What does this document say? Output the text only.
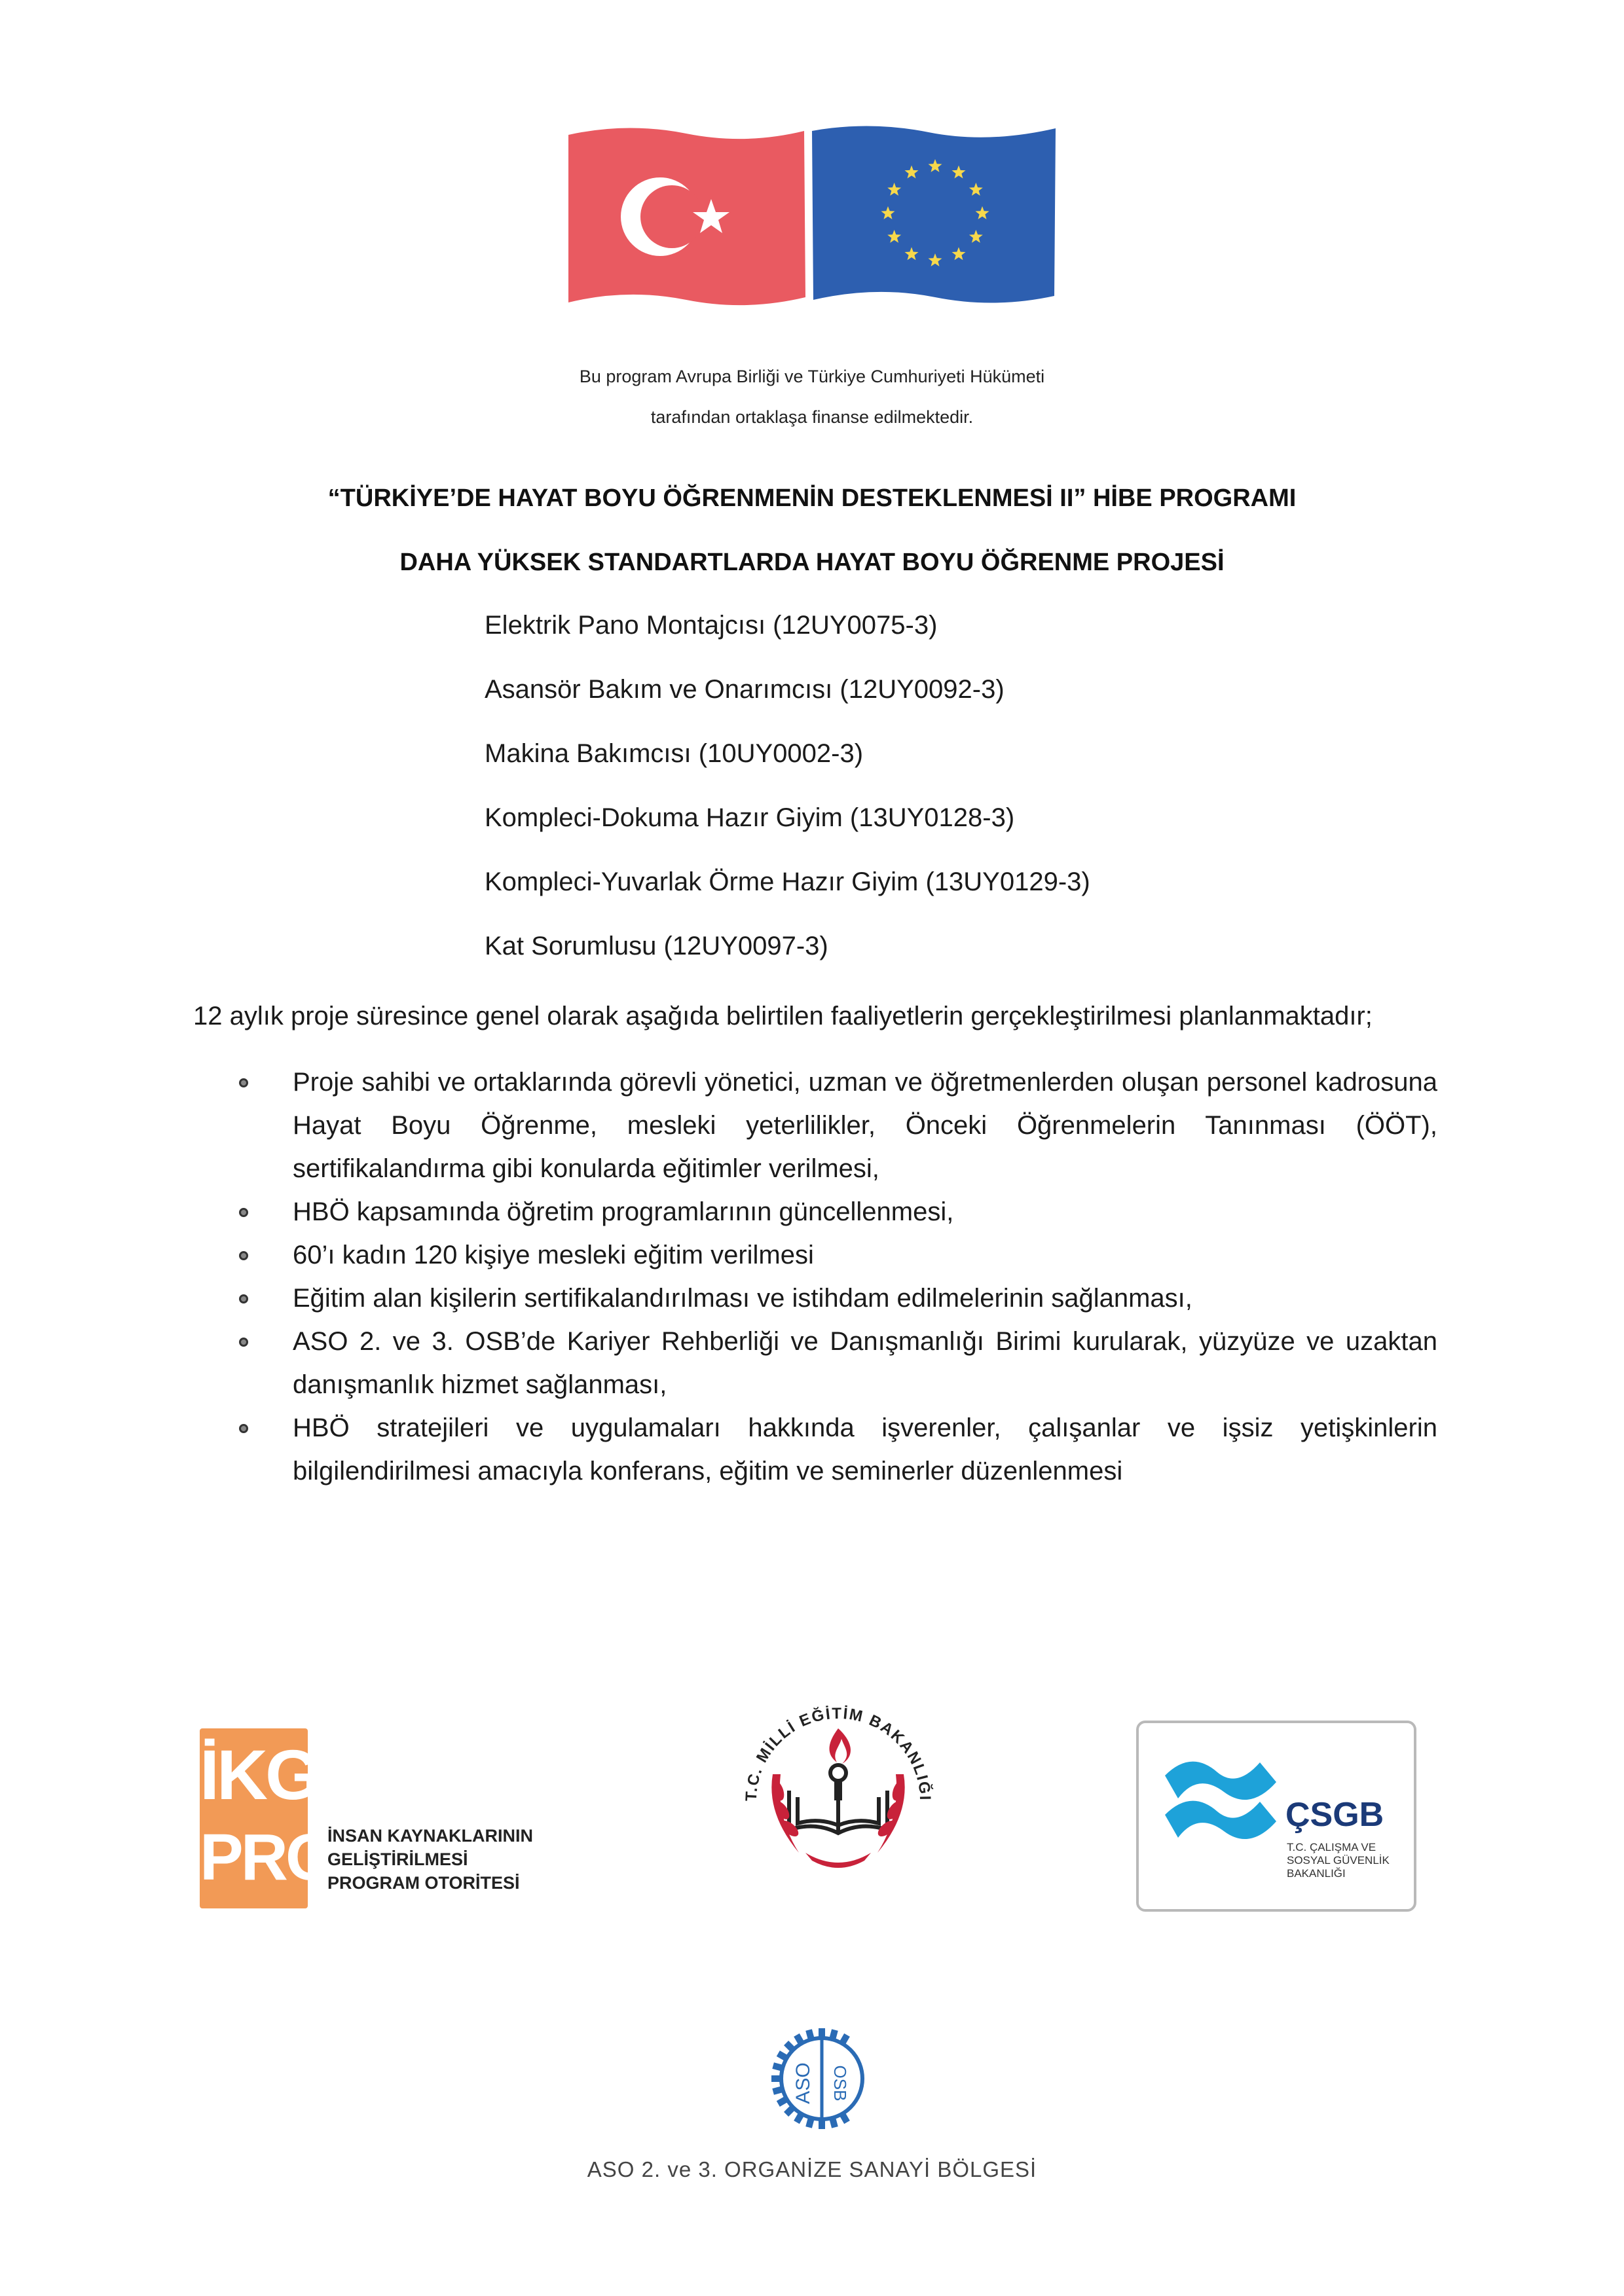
Bu program Avrupa Birliği ve Türkiye Cumhuriyeti Hükümeti
tarafından ortaklaşa finanse edilmektedir.
“TÜRKİYE’DE HAYAT BOYU ÖĞRENMENİN DESTEKLENMESİ II” HİBE PROGRAMI
DAHA YÜKSEK STANDARTLARDA HAYAT BOYU ÖĞRENME PROJESİ
Elektrik Pano Montajcısı (12UY0075-3)
Asansör Bakım ve Onarımcısı (12UY0092-3)
Makina Bakımcısı (10UY0002-3)
Kompleci-Dokuma Hazır Giyim (13UY0128-3)
Kompleci-Yuvarlak Örme Hazır Giyim (13UY0129-3)
Kat Sorumlusu (12UY0097-3)
12 aylık proje süresince genel olarak aşağıda belirtilen faaliyetlerin gerçekleştirilmesi planlanmaktadır;
Proje sahibi ve ortaklarında görevli yönetici, uzman ve öğretmenlerden oluşan personel kadrosuna Hayat Boyu Öğrenme, mesleki yeterlilikler, Önceki Öğrenmelerin Tanınması (ÖÖT), sertifikalandırma gibi konularda eğitimler verilmesi,
HBÖ kapsamında öğretim programlarının güncellenmesi,
60’ı kadın 120 kişiye mesleki eğitim verilmesi
Eğitim alan kişilerin sertifikalandırılması ve istihdam edilmelerinin sağlanması,
ASO 2. ve 3. OSB’de Kariyer Rehberliği ve Danışmanlığı Birimi kurularak, yüzyüze ve uzaktan danışmanlık hizmet sağlanması,
HBÖ stratejileri ve uygulamaları hakkında işverenler, çalışanlar ve işsiz yetişkinlerin bilgilendirilmesi amacıyla konferans, eğitim ve seminerler düzenlenmesi
İKG
PRO
İNSAN KAYNAKLARININ
GELİŞTİRİLMESİ
PROGRAM OTORİTESİ
T.C. MİLLİ EĞİTİM BAKANLIĞI	ÇSGB
T.C. ÇALIŞMA VE
SOSYAL GÜVENLİK
BAKANLIĞI
ASO OSB
ASO 2. ve 3. ORGANİZE SANAYİ BÖLGESİ
